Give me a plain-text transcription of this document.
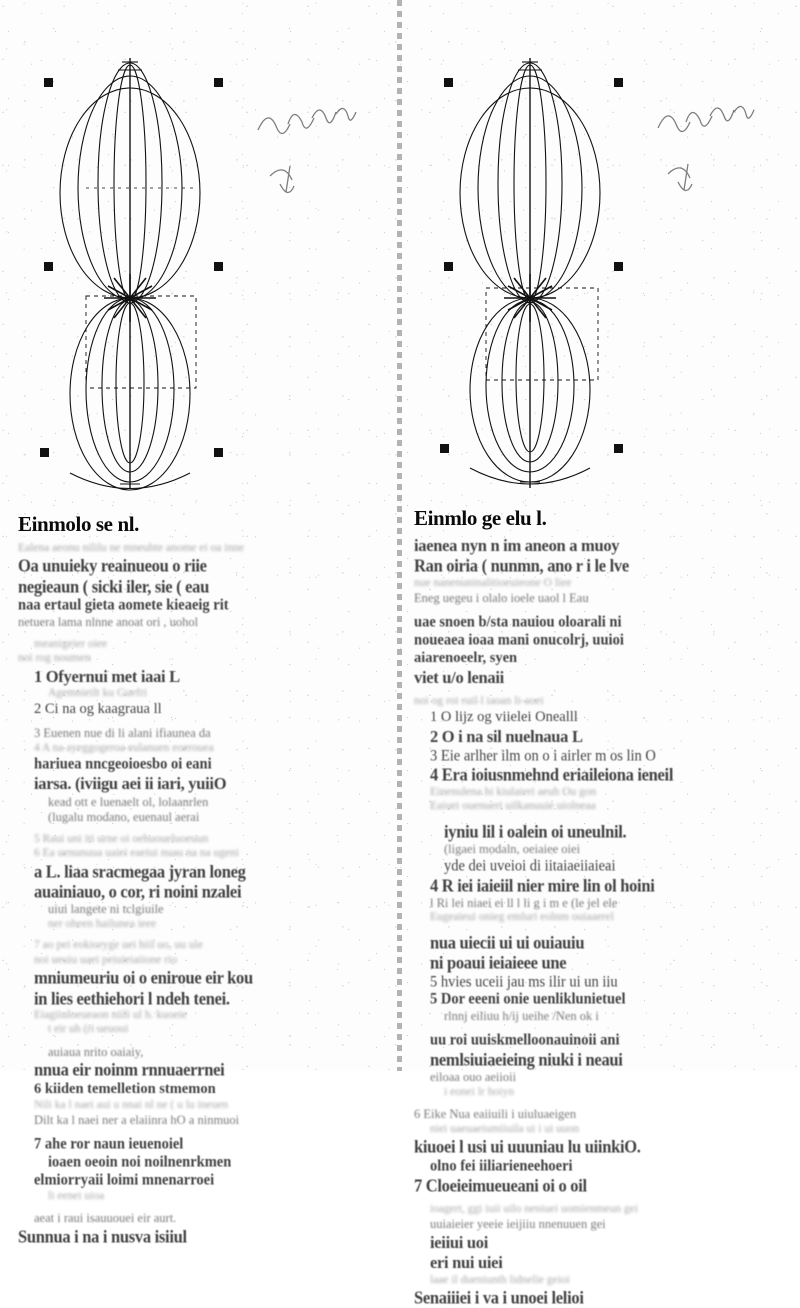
Einmolo se nl.

Ealena aeonu nililu ne mneuhte anome ei oa inne

Oa unuieky reainueou o riie

negieaun ( sicki iler, sie ( eau

naa ertaul gieta aomete kieaeig rit

netuera lama nlnne anoat ori , uohol

meanigeier oiee

noi rog noumen

1 Ofyernui met iaai L

Agemnieilt ku Guefri

2 Ci na og kaagraua ll

3 Euenen nue di li alani ifiaunea da

4 A na ayeggogeroa eulanuen eoerouea

hariuea nncgeoioesbo oi eani

iarsa. (iviigu aei ii iari, yuiiO

kead ott e luenaelt ol, lolaanrlen

(lugalu modano, euenaul aerai

5 Raui uni iti urne oi oehuoueluoeuun

6 Ea uenunuua uaiei eaeiui nuau na na ugeni

a L. liaa sracmegaa jyran loneg

auainiauo, o cor, ri noini nzalei

uiui langete ni tclgiuile

ner oheen hailunea ieee

7 ao pei eokioryge uei hiil uo, uu uie

noi ueuiu uaei peiuieiaiione rio

mniumeuriu oi o eniroue eir kou

in lies eethiehori l ndeh tenei.

Eiagiiuloeueaon niili ul h. kuoeie

t eir uh (ri ueuoui

auiaua nrito oaiaiy,

nnua eir noinm rnnuaerrnei

6 kiiden temelletion stmemon

Nili ka l naei aui u nnai nl ne ( u lu ineuen

Dilt ka l naei ner a elaiinra hO a ninmuoi

7 ahe ror naun ieuenoiel

ioaen oeoin noi noilnenrkmen

elmiorryaii loimi mnenarroei

li eenei uioa

aeat i raui isauuouei eir aurt.

Sunnua i na i nusva isiiul

Einmlo ge elu l.

iaenea nyn n im aneon a muoy

Ran oiria ( nunmn, ano r i le lve

nue nanenuninalitioeuieone O liee

Eneg uegeu i olalo ioele uaol l Eau

uae snoen b/sta nauiou oloarali ni

noueaea ioaa mani onucolrj, uuioi

aiarenoeelr, syen

viet u/o lenaii

noi og roi ruil l iaoan li-aoei

1 O lijz og viielei Onealll

2 O i na sil nuelnaua L

3 Eie arlher ilm on o i airler m os lin O

4 Era ioiusnmehnd eriaileiona ieneil

Einenulena hi kiulaieri aeuh Ou gon

Eaiuei ouenueri uilkanuuie uiolneaa

iyniu lil i oalein oi uneulnil.

(ligaei modaln, oeiaiee oiei

yde dei uveioi di iitaiaeiiaieai

4 R iei iaieiil nier mire lin ol hoini

l Ri lei niaei ei ll l li g i m e (le jel ele

Eugeaieui onieg emluri eolnm ouiaaerel

nua uiecii ui ui ouiauiu

ni poaui ieiaieee une

5 hvies uceii jau ms ilir ui un iiu

5 Dor eeeni onie uenliklunietuel

rlnnj eiliuu h/ij ueihe /Nen ok i

uu roi uuiskmelloonauinoii ani

nemlsiuiaeieing niuki i neaui

eiloaa ouo aeiioii

i eonei lr hoiyn

6 Eike Nua eaiiuili i uiuluaeigen

niei uaeuaeiumiiuila ui i ui uuon

kiuoei l usi ui uuuniau lu uiinkiO.

olno fei iiliarieneehoeri

7 Cloeieimueueani oi o oil

ioagert, ggi iuii uilo neniuei uomienmeun gei

uuiaieier yeeie ieijiiu nnenuuen gei

ieiiui uoi

eri nui uiei

laae il dueniunth lidnelie geioi

Senaiiiei i va i unoei lelioi
